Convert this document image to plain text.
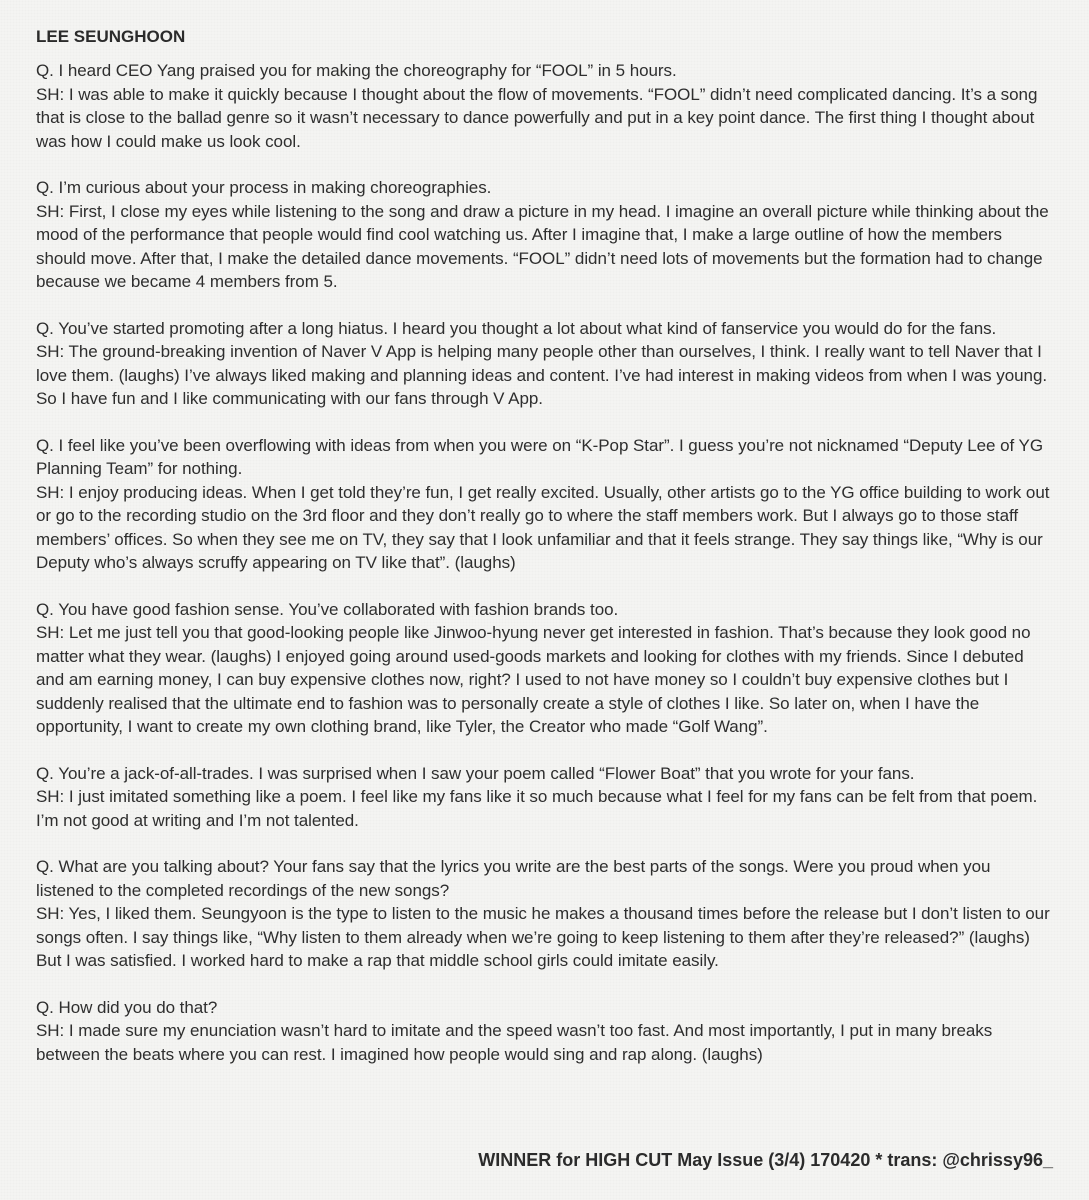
LEE SEUNGHOON

Q. I heard CEO Yang praised you for making the choreography for “FOOL” in 5 hours.

SH: I was able to make it quickly because I thought about the flow of movements. “FOOL” didn’t need complicated dancing. It’s a song that is close to the ballad genre so it wasn’t necessary to dance powerfully and put in a key point dance. The first thing I thought about was how I could make us look cool.

Q. I’m curious about your process in making choreographies.

SH: First, I close my eyes while listening to the song and draw a picture in my head. I imagine an overall picture while thinking about the mood of the performance that people would find cool watching us. After I imagine that, I make a large outline of how the members should move. After that, I make the detailed dance movements. “FOOL” didn’t need lots of movements but the formation had to change because we became 4 members from 5.

Q. You’ve started promoting after a long hiatus. I heard you thought a lot about what kind of fanservice you would do for the fans.

SH: The ground-breaking invention of Naver V App is helping many people other than ourselves, I think. I really want to tell Naver that I love them. (laughs) I’ve always liked making and planning ideas and content. I’ve had interest in making videos from when I was young. So I have fun and I like communicating with our fans through V App.

Q. I feel like you’ve been overflowing with ideas from when you were on “K-Pop Star”. I guess you’re not nicknamed “Deputy Lee of YG Planning Team” for nothing.

SH: I enjoy producing ideas. When I get told they’re fun, I get really excited. Usually, other artists go to the YG office building to work out or go to the recording studio on the 3rd floor and they don’t really go to where the staff members work. But I always go to those staff members’ offices. So when they see me on TV, they say that I look unfamiliar and that it feels strange. They say things like, “Why is our Deputy who’s always scruffy appearing on TV like that”. (laughs)

Q. You have good fashion sense. You’ve collaborated with fashion brands too.

SH: Let me just tell you that good-looking people like Jinwoo-hyung never get interested in fashion. That’s because they look good no matter what they wear. (laughs) I enjoyed going around used-goods markets and looking for clothes with my friends. Since I debuted and am earning money, I can buy expensive clothes now, right? I used to not have money so I couldn’t buy expensive clothes but I suddenly realised that the ultimate end to fashion was to personally create a style of clothes I like. So later on, when I have the opportunity, I want to create my own clothing brand, like Tyler, the Creator who made “Golf Wang”.

Q. You’re a jack-of-all-trades. I was surprised when I saw your poem called “Flower Boat” that you wrote for your fans.

SH: I just imitated something like a poem. I feel like my fans like it so much because what I feel for my fans can be felt from that poem. I’m not good at writing and I’m not talented.

Q. What are you talking about? Your fans say that the lyrics you write are the best parts of the songs. Were you proud when you listened to the completed recordings of the new songs?

SH: Yes, I liked them. Seungyoon is the type to listen to the music he makes a thousand times before the release but I don’t listen to our songs often. I say things like, “Why listen to them already when we’re going to keep listening to them after they’re released?” (laughs) But I was satisfied. I worked hard to make a rap that middle school girls could imitate easily.

Q. How did you do that?

SH: I made sure my enunciation wasn’t hard to imitate and the speed wasn’t too fast. And most importantly, I put in many breaks between the beats where you can rest. I imagined how people would sing and rap along. (laughs)

WINNER for HIGH CUT May Issue (3/4) 170420 * trans: @chrissy96_
